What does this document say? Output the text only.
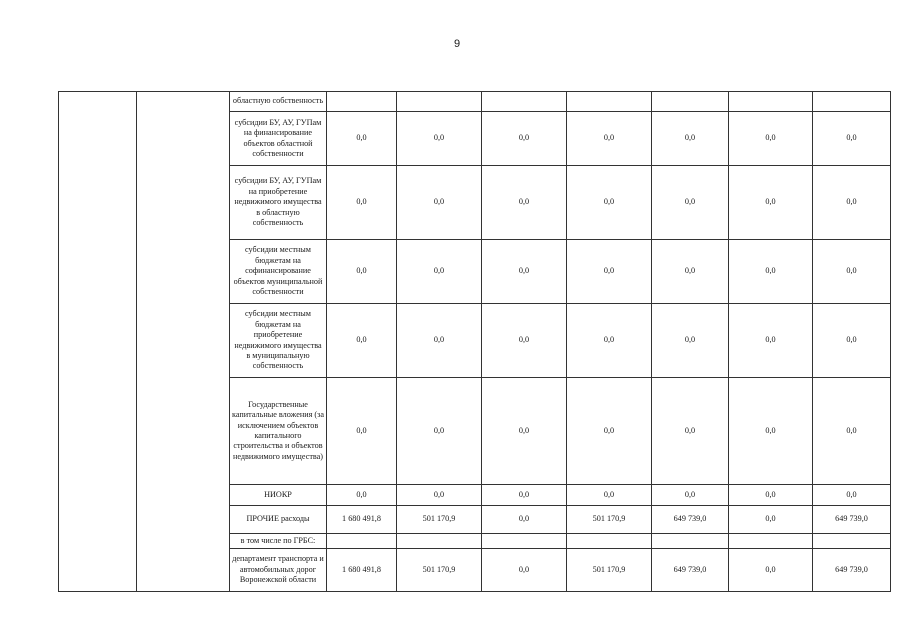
9
		областную собственность							
		субсидии БУ, АУ, ГУПам на финансирование объектов областной собственности	0,0	0,0	0,0	0,0	0,0	0,0	0,0
		субсидии БУ, АУ, ГУПам на приобретение недвижимого имущества в областную собственность	0,0	0,0	0,0	0,0	0,0	0,0	0,0
		субсидии местным бюджетам на софинансирование объектов муниципальной собственности	0,0	0,0	0,0	0,0	0,0	0,0	0,0
		субсидии местным бюджетам на приобретение недвижимого имущества в муниципальную собственность	0,0	0,0	0,0	0,0	0,0	0,0	0,0
		Государственные капитальные вложения (за исключением объектов капитального строительства и объектов недвижимого имущества)	0,0	0,0	0,0	0,0	0,0	0,0	0,0
		НИОКР	0,0	0,0	0,0	0,0	0,0	0,0	0,0
		ПРОЧИЕ расходы	1 680 491,8	501 170,9	0,0	501 170,9	649 739,0	0,0	649 739,0
		в том числе по ГРБС:							
		департамент транспорта и автомобильных дорог Воронежской области	1 680 491,8	501 170,9	0,0	501 170,9	649 739,0	0,0	649 739,0
